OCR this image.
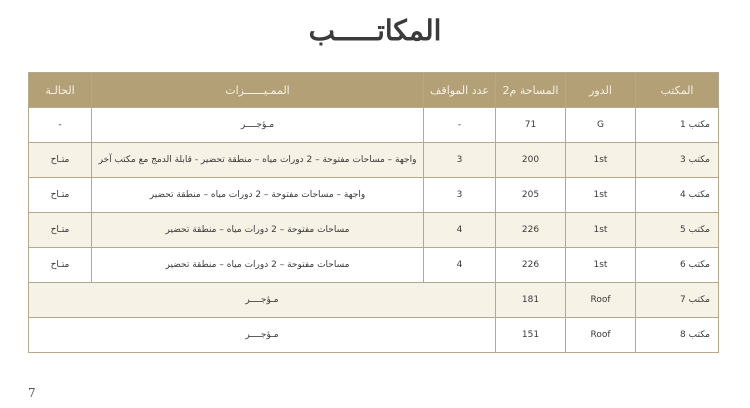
المكاتـــــب
المكتب	الدور	المساحة م2	عدد المواقف	الممـيــــــزات	الحالـة
مكتب 1	G	71	-	مـؤجــــر	-
مكتب 3	1st	200	3	واجهة – مساحات مفتوحة – 2 دورات مياه – منطقة تحضير - قابلة الدمج مع مكتب آخر	متـاح
مكتب 4	1st	205	3	واجهة – مساحات مفتوحة – 2 دورات مياه – منطقة تحضير	متـاح
مكتب 5	1st	226	4	مساحات مفتوحة – 2 دورات مياه – منطقة تحضير	متـاح
مكتب 6	1st	226	4	مساحات مفتوحة – 2 دورات مياه – منطقة تحضير	متـاح
مكتب 7	Roof	181	مـؤجــــر		
مكتب 8	Roof	151	مـؤجــــر		
7
